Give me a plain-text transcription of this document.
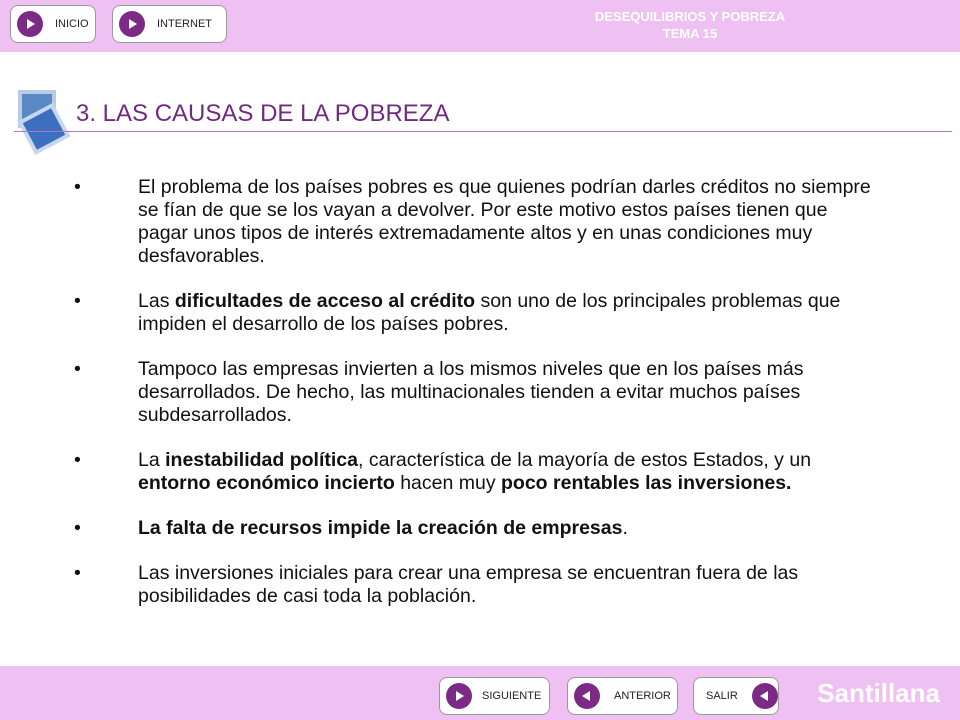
INICIO	INTERNET	DESEQUILIBRIOS Y POBREZA
TEMA 15
3. LAS CAUSAS DE LA POBREZA
•	El problema de los países pobres es que quienes podrían darles créditos no siempre se fían de que se los vayan a devolver. Por este motivo estos países tienen que pagar unos tipos de interés extremadamente altos y en unas condiciones muy desfavorables.
•	Las dificultades de acceso al crédito son uno de los principales problemas que impiden el desarrollo de los países pobres.
•	Tampoco las empresas invierten a los mismos niveles que en los países más desarrollados. De hecho, las multinacionales tienden a evitar muchos países subdesarrollados.
•	La inestabilidad política, característica de la mayoría de estos Estados, y un entorno económico incierto hacen muy poco rentables las inversiones.
•	La falta de recursos impide la creación de empresas.
•	Las inversiones iniciales para crear una empresa se encuentran fuera de las posibilidades de casi toda la población.
SIGUIENTE	ANTERIOR	SALIR	Santillana
